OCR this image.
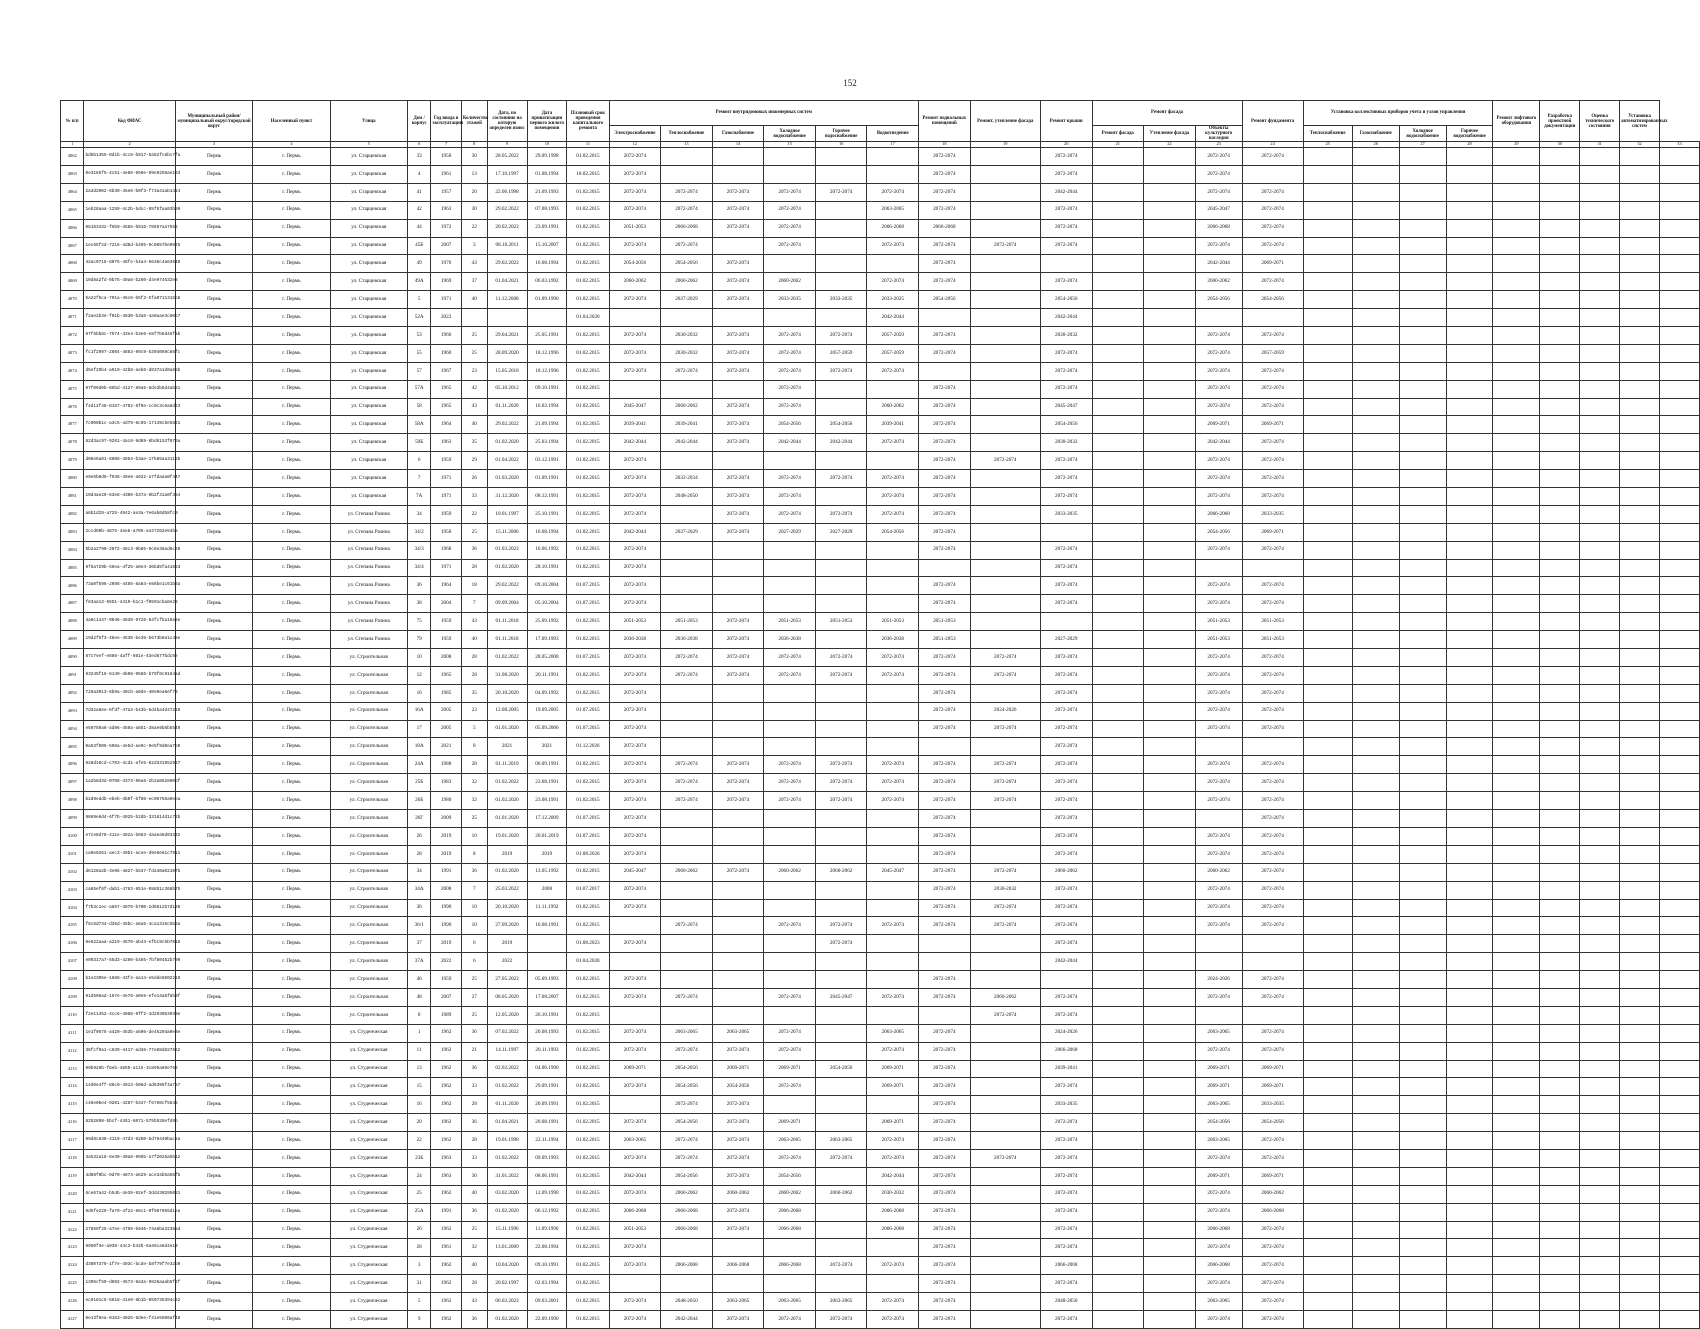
152
№ п/п	Код ФИАС	Муниципальный район/муниципальный округ/городской округ	Населенный пункт	Улица	Дом / корпус	Год ввода в эксплуатацию	Количество этажей	Дата, по состоянию на которую определен износ	Дата приватизации первого жилого помещения	Плановый срок проведения капитального ремонта	Ремонт внутридомовых инженерных систем						Ремонт подвальных помещений	Ремонт, утепление фасада	Ремонт крыши	Ремонт фасада			Ремонт фундамента	Установка коллективных приборов учета и узлов управления				Ремонт лифтового оборудования	Разработка проектной документации	Оценка технического состояния	Установка автоматизированных систем	
											Электроснабжение	Теплоснабжение	Газоснабжение	Холодное водоснабжение	Горячее водоснабжение	Водоотведение				Ремонт фасада	Утепление фасада	Объекты культурного наследия		Теплоснабжение	Газоснабжение	Холодное водоснабжение	Горячее водоснабжение					
1	2	3	4	5	6	7	8	9	10	11	12	13	14	15	16	17	18	19	20	21	22	23	24	25	26	27	28	29	30	31	32	33
4062	bd5b1355-0d1b-4cc8-b917-5a52fc6bc7fa	Пермь	г. Пермь	ул. Старцевская	33	1958	30	28.05.2022	29.09.1998	01.02.2015	2072-2074						2072-2074		2072-2074			2072-2074	2072-2074									
4063	0e3185f5-4c51-4e66-950e-99e9258ae163	Пермь	г. Пермь	ул. Старцевская	4	1961	13	17.10.1997	01.08.1994	18.02.2015	2072-2074						2072-2074		2072-2074			2072-2074										
4064	2a3d2002-6b30-45e6-b0f3-f73a41ab1414	Пермь	г. Пермь	ул. Старцевская	41	1957	20	22.06.1998	21.09.1993	01.02.2015	2072-2074	2072-2074	2072-2074	2072-2074	2072-2074	2072-2074	2072-2074		2042-2044			2072-2074	2072-2074									
4065	1eb28aaa-1259-4c2b-bdcc-95f5faa03b99	Пермь	г. Пермь	ул. Старцевская	42	1963	30	29.02.2022	07.08.1993	01.02.2015	2072-2074	2072-2074	2072-2074	2072-2074		2063-2065	2072-2074		2072-2074			2045-2047	2072-2074									
4066	05163432-f5b9-4565-b016-78657aa7552	Пермь	г. Пермь	ул. Старцевская	44	1972	22	20.02.2022	23.09.1991	01.02.2015	2051-2053	2066-2068	2072-2074	2072-2074		2066-2068	2066-2068		2072-2074			2066-2068	2072-2074									
4067	1ec65f2d-7215-4d6d-b495-9c0657be0925	Пермь	г. Пермь	ул. Старцевская	45Б	2007	3	08.10.2011	15.10.2007	01.02.2015	2072-2074	2072-2074		2072-2074		2072-2074	2072-2074	2072-2074	2072-2074			2072-2074	2072-2074									
4068	42ac0716-8075-48fe-b4a4-6636c4a63640	Пермь	г. Пермь	ул. Старцевская	49	1976	43	29.02.2022	16.08.1994	01.02.2015	2054-2056	2054-2056	2072-2074				2072-2074					2042-2044	2069-2071									
4069	10d8a2fd-0b75-40a8-b260-d4e974532e8	Пермь	г. Пермь	ул. Старцевская	49А	1969	37	01.04.2021	06.03.1992	01.02.2015	2060-2062	2060-2062	2072-2074	2060-2062		2072-2074	2072-2074		2072-2074			2060-2062	2072-2074									
4070	5a22f5ca-791a-45c6-b5f3-5fa0711315b8	Пермь	г. Пермь	ул. Старцевская	5	1971	40	11.12.2008	01.09.1990	01.02.2015	2072-2074	2027-2029	2072-2074	2033-2035	2033-2035	2033-2035	2054-2056		2054-2056			2054-2056	2054-2056									
4071	f2ae2b3e-f01b-4930-b3a6-4a0aae3c80b7	Пермь	г. Пермь	ул. Старцевская	52А	2022				01.04.2020						2042-2044			2042-2044													
4072	97f6bb8c-7574-43e4-b3e6-e8f7b6d45fab	Пермь	г. Пермь	ул. Старцевская	53	1966	25	29.04.2021	25.05.1991	01.02.2015	2072-2074	2030-2032	2072-2074	2072-2074	2072-2074	2057-2059	2072-2074		2030-2032			2072-2074	2072-2074									
4073	fc1f2997-2804-4883-99c9-5304089c86fc	Пермь	г. Пермь	ул. Старцевская	55	1960	25	28.09.2020	18.12.1996	01.02.2015	2072-2074	2030-2032	2072-2074	2072-2074	2057-2059	2057-2059	2072-2074		2072-2074			2072-2074	2057-2059									
4074	d5ef29b4-a610-42b8-aeb6-d837a1d0a65b	Пермь	г. Пермь	ул. Старцевская	57	1967	23	15.05.2018	18.12.1996	01.02.2015	2072-2074	2072-2074	2072-2074	2072-2074	2072-2074	2072-2074			2072-2074			2072-2074	2072-2074									
4075	97f09d0b-85bd-4127-89a5-8de3b8d4ab81	Пермь	г. Пермь	ул. Старцевская	57А	1965	42	05.10.2012	09.10.1991	01.02.2015				2072-2074			2072-2074		2072-2074			2072-2074	2072-2074									
4076	f4d12f48-8167-4702-8f9e-cc0c3c6a6d23	Пермь	г. Пермь	ул. Старцевская	58	1965	43	01.11.2020	16.02.1994	01.02.2015	2045-2047	2060-2062	2072-2074	2072-2074		2060-2062	2072-2074		2045-2047			2072-2074	2072-2074									
4077	7c000b1c-a3c5-4d79-8c95-17149c5e5821	Пермь	г. Пермь	ул. Старцевская	58А	1964	40	29.02.2022	21.09.1994	01.02.2015	2039-2041	2039-2041	2072-2074	2054-2056	2054-2056	2039-2041	2072-2074		2054-2056			2069-2071	2069-2071									
4078	82d3ac97-9261-4ac8-9d89-8bd6153f076a	Пермь	г. Пермь	ул. Старцевская	59Б	1963	35	01.02.2020	25.03.1994	01.02.2015	2042-2044	2042-2044	2072-2074	2042-2044	2042-2044	2072-2074	2072-2074		2030-2032			2042-2044	2072-2074									
4079	d06e6a01-6808-4954-b3ae-17b85aa3116b	Пермь	г. Пермь	ул. Старцевская	6	1959	29	01.04.2022	03.12.1991	01.02.2015	2072-2074						2072-2074	2072-2074	2072-2074			2072-2074	2072-2074									
4080	e9e5b0d0-f938-49e8-a022-a7fdaaa0f447	Пермь	г. Пермь	ул. Старцевская	7	1971	26	01.03.2020	01.09.1991	01.02.2015	2072-2074	2032-2034	2072-2074	2072-2074	2072-2074	2072-2074	2072-2074		2072-2074			2072-2074	2072-2074									
4081	10d4ae29-63e8-4306-b37a-6b2f41a0f3a4	Пермь	г. Пермь	ул. Старцевская	7А	1971	33	31.12.2020	08.12.1991	01.02.2015	2072-2074	2048-2050	2072-2074	2072-2074		2072-2074	2072-2074		2072-2074			2072-2074	2072-2074									
4082	a6b1d29-a725-4942-ae3a-7e6ab6d58fc0	Пермь	г. Пермь	ул. Степана Разина	34	1959	22	10.01.1997	25.10.1991	01.02.2015	2072-2074		2072-2074	2072-2074	2072-2074	2072-2074	2072-2074		2033-2035			2066-2068	2033-2035									
4083	2ccd50b-4876-4ae6-a705-a447262e54ba	Пермь	г. Пермь	ул. Степана Разина	34/2	1958	25	15.11.2006	16.08.1994	01.02.2015	2042-2044	2027-2029	2072-2074	2027-2029	2027-2029	2054-2056	2072-2074					2054-2056	2069-2071									
4084	5b2a2790-2972-48c3-9b85-9c8e38ad8c69	Пермь	г. Пермь	ул. Степана Разина	34/3	1968	36	01.03.2022	16.06.1992	01.02.2015	2072-2074						2072-2074		2072-2074			2072-2074	2072-2074									
4085	9f6a729b-56ea-4f25-a0e4-36bd5fa41653	Пермь	г. Пермь	ул. Степана Разина	34/4	1971	28	01.02.2020	28.10.1991	01.02.2015	2072-2074								2072-2074													
4086	73a0f596-2986-4485-8a84-e88be1c61b6a	Пермь	г. Пермь	ул. Степана Разина	36	1964	18	29.02.2022	09.10.2004	01.07.2015	2072-2074						2072-2074		2072-2074			2072-2074	2072-2074									
4087	f83aa13-5551-4419-b1c1-f0591cba8e28	Пермь	г. Пермь	ул. Степана Разина	38	2004	7	09.09.2004	05.10.2004	01.07.2015	2072-2074						2072-2074		2072-2074			2072-2074	2072-2074									
4088	4a0c1447-0046-4839-9726-84fcfba10a6e	Пермь	г. Пермь	ул. Степана Разина	75	1959	43	01.11.2018	25.09.1992	01.02.2015	2051-2053	2051-2053	2072-2074	2051-2053	2051-2053	2051-2053	2051-2053					2051-2053	2051-2053									
4089	19d2f5f3-48ee-4530-be35-b673b9a1c48e	Пермь	г. Пермь	ул. Степана Разина	79	1959	40	01.11.2018	17.09.1993	01.02.2015	2036-2038	2036-2038	2072-2074	2036-2038		2036-2038	2051-2053		2027-2029			2051-2053	2051-2053									
4090	87c7eef-e886-4aff-981e-43ed677bdc6e	Пермь	г. Пермь	ул. Строительная	10	2008	28	01.02.2022	28.05.2008	01.07.2015	2072-2074	2072-2074	2072-2074	2072-2074	2072-2074	2072-2074	2072-2074	2072-2074	2072-2074			2072-2074	2072-2074									
4091	93245f16-8149-4b08-9586-b79f0c9184ad	Пермь	г. Пермь	ул. Строительная	12	1965	28	31.08.2020	20.11.1991	01.02.2015	2072-2074	2072-2074	2072-2074	2072-2074	2072-2074	2072-2074	2072-2074	2072-2074	2072-2074			2072-2074	2072-2074									
4092	726a3013-6b9a-40cb-a0de-40e9ea8ef79	Пермь	г. Пермь	ул. Строительная	16	1985	35	20.10.2020	04.09.1992	01.02.2015	2072-2074						2072-2074		2072-2074			2072-2074	2072-2074									
4093	7d32a8ee-6fdf-47a3-b43b-6d4ba4d47210	Пермь	г. Пермь	ул. Строительная	16А	2005	23	12.08.2005	19.09.2005	01.07.2015	2072-2074						2072-2074	2024-2026	2072-2074			2072-2074	2072-2074									
4094	e59750a6-ad96-459a-a851-38ae9b6b5549	Пермь	г. Пермь	ул. Строительная	17	2005	5	01.01.2020	05.09.2006	01.07.2015	2072-2074						2072-2074	2072-2074	2072-2074			2072-2074	2072-2074									
4095	0a53f905-596a-4e5d-ae9c-9e5f9d0ea7b9	Пермь	г. Пермь	ул. Строительная	18А	2021	8	2021	2021	01.12.2026	2072-2074								2072-2074													
4096	628d10cd-c703-4cd1-afe5-82d331952927	Пермь	г. Пермь	ул. Строительная	24А	1988	28	01.11.2019	06.09.1991	01.02.2015	2072-2074	2072-2074	2072-2074	2072-2074	2072-2074	2072-2074	2072-2074	2072-2074	2072-2074			2072-2074	2072-2074									
4097	1a2b8d3d-0708-4373-96a6-2b2a082800bf	Пермь	г. Пермь	ул. Строительная	25Б	1983	32	01.02.2022	23.08.1991	01.02.2015	2072-2074	2072-2074	2072-2074	2072-2074	2072-2074	2072-2074	2072-2074	2072-2074	2072-2074			2072-2074	2072-2074									
4098	b2d9eddb-ebeb-4b0f-bf06-ec06755a0eba	Пермь	г. Пермь	ул. Строительная	26Б	1980	32	01.02.2020	23.08.1991	01.02.2015	2072-2074	2072-2074	2072-2074	2072-2074	2072-2074	2072-2074	2072-2074	2072-2074	2072-2074			2072-2074	2072-2074									
4099	9869e6d4-6f7b-4925-b2db-331814d1c72b	Пермь	г. Пермь	ул. Строительная	26Г	2009	25	01.01.2020	17.12.2009	01.07.2015	2072-2074						2072-2074		2072-2074				2072-2074									
4100	e7ce8d76-411e-492a-b563-4aaea6d93332	Пермь	г. Пермь	ул. Строительная	26	2019	10	19.01.2020	20.01.2019	01.07.2015	2072-2074						2072-2074		2072-2074			2072-2074	2072-2074									
4101	ca9e9261-aec3-49b1-acee-d9e6e61c7911	Пермь	г. Пермь	ул. Строительная	28	2019	8	2019	2019	01.08.2026	2072-2074						2072-2074		2072-2074			2072-2074	2072-2074									
4102	d6128a2b-3e96-4827-b537-fda40a02107b	Пермь	г. Пермь	ул. Строительная	34	1991	36	01.02.2020	13.05.1992	01.02.2015	2045-2047	2060-2062	2072-2074	2060-2062	2060-2062	2045-2047	2072-2074	2072-2074	2060-2062			2060-2062	2072-2074									
4103	ca85ef8f-dab1-4783-851e-08851c368b75	Пермь	г. Пермь	ул. Строительная	34А	2008	7	25.03.2022	2008	01.07.2017	2072-2074						2072-2074	2030-2032	2072-2074			2072-2074	2072-2074									
4104	f7b3c1ec-a867-4970-b700-2d6812b7d195	Пермь	г. Пермь	ул. Строительная	36	1990	10	20.10.2020	11.11.1992	01.02.2015	2072-2074						2072-2074	2072-2074	2072-2074			2072-2074	2072-2074									
4105	f8c5d734-d36d-45bc-a6a5-4ca1315c5b8a	Пермь	г. Пермь	ул. Строительная	36/1	1990	10	27.09.2020	16.08.1991	01.02.2015		2072-2074		2072-2074	2072-2074	2072-2074	2072-2074	2072-2074	2072-2074			2072-2074	2072-2074									
4106	6e622aaa-a219-4570-ab43-efbc9c5b7016	Пермь	г. Пермь	ул. Строительная	37	2019	6	2019		01.08.2023	2072-2074				2072-2074				2072-2074													
4107	e09317a7-55d3-4260-b485-7bf80452b790	Пермь	г. Пермь	ул. Строительная	37А	2022	6	2022		01.04.2028									2042-2044													
4108	b1e2305e-1888-43f4-aa14-e5dde8602219	Пермь	г. Пермь	ул. Строительная	46	1959	25	27.05.2022	05.09.1993	01.02.2015	2072-2074						2072-2074					2024-2026	2072-2074									
4109	91d596ad-167e-4e78-a0e8-efe14a8f8b0f	Пермь	г. Пермь	ул. Строительная	48	2007	27	08.05.2020	17.08.2007	01.02.2015	2072-2074	2072-2074		2072-2074	2045-2047	2072-2074	2072-2074	2060-2062	2072-2074			2072-2074	2072-2074									
4110	f2e11452-4cc6-4088-9ff2-4d293053039e	Пермь	г. Пермь	ул. Строительная	8	1989	25	12.05.2020	26.10.1991	01.02.2015								2072-2074	2072-2074													
4111	1e1f0575-a420-453b-a506-de45204a0e3e	Пермь	г. Пермь	ул. Студенческая	1	1962	36	07.02.2022	20.08.1993	01.02.2015	2072-2074	2063-2065	2063-2065	2072-2074		2063-2065	2072-2074		2024-2026			2063-2065	2072-2074									
4112	36fcf9a1-c639-4417-ad36-77e88d827662	Пермь	г. Пермь	ул. Студенческая	11	1962	21	14.11.1997	20.11.1993	01.02.2015	2072-2074	2072-2074	2072-2074	2072-2074		2072-2074	2072-2074		2066-2068			2072-2074	2072-2074									
4113	99b929b-f6eb-4855-a115-3c895a89e768	Пермь	г. Пермь	ул. Студенческая	13	1962	36	02.02.2022	04.06.1990	01.02.2015	2069-2071	2054-2056	2069-2071	2069-2071	2054-2056	2069-2071	2072-2074		2039-2041			2069-2071	2069-2071									
4114	14d0e4ff-86c0-4913-b06d-ad6395f4a7a7	Пермь	г. Пермь	ул. Студенческая	15	1962	33	01.02.2022	29.09.1991	01.02.2015	2072-2074	2054-2056	2054-2056	2072-2074		2069-2071	2072-2074		2072-2074			2069-2071	2069-2071									
4115	c46e0be4-9201-4287-b347-f6750cf564a	Пермь	г. Пермь	ул. Студенческая	16	1962	28	01.11.2020	20.09.1991	01.02.2015		2072-2074	2072-2074				2072-2074		2033-2035			2063-2065	2033-2035									
4116	8252898-5bcf-4451-8071-575b528efd9b	Пермь	г. Пермь	ул. Студенческая	20	1962	36	01.04.2021	20.08.1991	01.02.2015	2072-2074	2054-2056	2072-2074	2069-2071		2069-2071	2072-2074		2072-2074			2054-2056	2054-2056									
4117	69d8c836-4119-47d3-8260-5d79449bac8a	Пермь	г. Пермь	ул. Студенческая	22	1962	28	19.01.1998	22.11.1994	01.02.2015	2063-2065	2072-2074	2072-2074	2063-2065	2063-2065	2072-2074	2072-2074		2072-2074			2063-2065	2072-2074									
4118	3a532a18-6e30-40a8-995b-a7f2026a5b12	Пермь	г. Пермь	ул. Студенческая	23Б	1963	33	01.02.2022	09.09.1993	01.02.2015	2072-2074	2072-2074	2072-2074	2072-2074	2072-2074	2072-2074	2072-2074	2072-2074	2072-2074			2072-2074	2072-2074									
4119	4d88f0bc-9d70-4874-a629-ace34b6a66f5	Пермь	г. Пермь	ул. Студенческая	24	1963	30	31.01.2022	08.06.1991	01.02.2015	2042-2044	2054-2056	2072-2074	2054-2056		2042-2044	2072-2074		2072-2074			2069-2071	2069-2071									
4120	6ce67a42-b54b-4e39-92ef-3dd430295051	Пермь	г. Пермь	ул. Студенческая	25	1962	40	03.02.2020	12.09.1990	01.02.2015	2072-2074	2060-2062	2060-2062	2060-2062	2060-2062	2030-2032	2072-2074		2072-2074			2072-2074	2060-2062									
4121	6d5fe229-fa79-4f22-86c1-0f987955d1ea	Пермь	г. Пермь	ул. Студенческая	25А	1991	36	01.02.2020	06.12.1992	01.02.2015	2066-2068	2066-2068	2072-2074	2066-2068		2066-2068	2072-2074		2072-2074			2072-2074	2066-2068									
4122	27869f25-a7ee-4759-b946-74a6ba3238ad	Пермь	г. Пермь	ул. Студенческая	26	1962	25	15.11.1996	11.09.1990	01.02.2015	2051-2053	2066-2068	2072-2074	2066-2068		2066-2068	2072-2074		2072-2074			2066-2068	2072-2074									
4123	9950f3e-a938-44c3-b42b-6a46ca6d4e10	Пермь	г. Пермь	ул. Студенческая	28	1961	32	13.01.2009	22.08.1994	01.02.2015	2072-2074						2072-2074		2072-2074			2072-2074	2072-2074									
4124	d3807379-1f7e-493c-bcde-b8f79f7e32b0	Пермь	г. Пермь	ул. Студенческая	3	1962	40	10.04.2020	09.10.1991	01.02.2015	2072-2074	2066-2068	2066-2068	2066-2068	2072-2074	2072-2074	2072-2074		2066-2068			2066-2068	2072-2074									
4125	1395cf59-d692-4573-9a3a-9826aaab5f2f	Пермь	г. Пермь	ул. Студенческая	31	1962	28	20.02.1997	02.03.1994	01.02.2015							2072-2074		2072-2074			2072-2074	2072-2074									
4126	ec9181c5-5818-41e0-8b1b-050735394c62	Пермь	г. Пермь	ул. Студенческая	5	1962	43	06.02.2022	09.03.2001	01.02.2015	2072-2074	2048-2050	2063-2065	2063-2065	2063-2065	2072-2074	2072-2074		2048-2050			2063-2065	2072-2074									
4127	0e13f8ea-0163-4025-9dee-f41e5800af48	Пермь	г. Пермь	ул. Студенческая	9	1962	36	01.02.2020	22.09.1990	01.02.2015	2072-2074	2042-2044	2072-2074	2072-2074	2072-2074	2072-2074	2072-2074		2072-2074			2072-2074	2072-2074									
